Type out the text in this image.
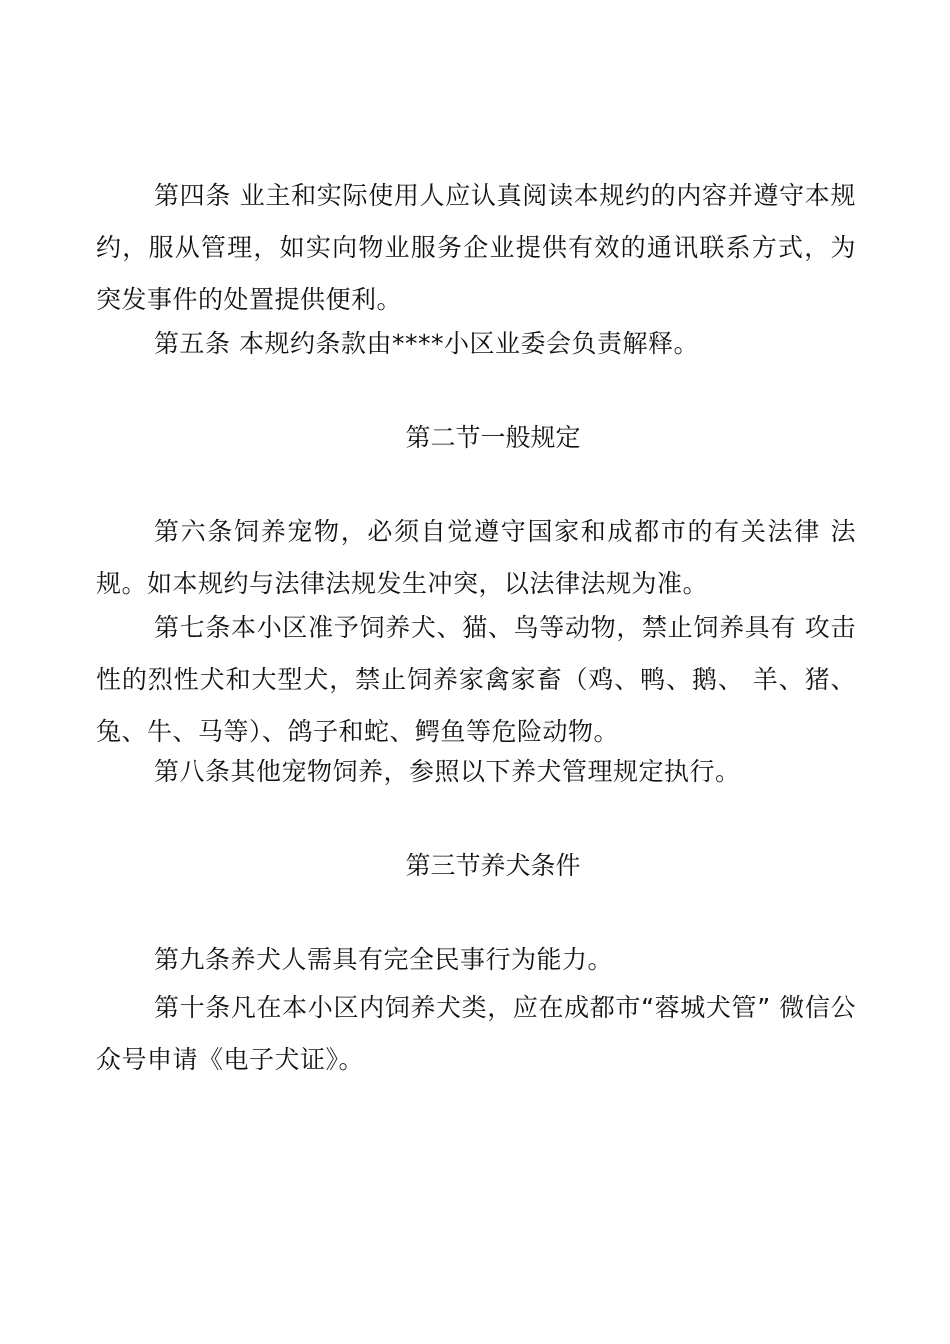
第四条 业主和实际使用人应认真阅读本规约的内容并遵守本规约，服从管理，如实向物业服务企业提供有效的通讯联系方式，为突发事件的处置提供便利。

第五条 本规约条款由****小区业委会负责解释。

第二节一般规定

第六条饲养宠物，必须自觉遵守国家和成都市的有关法律 法规。如本规约与法律法规发生冲突，以法律法规为准。

第七条本小区准予饲养犬、猫、鸟等动物，禁止饲养具有 攻击性的烈性犬和大型犬，禁止饲养家禽家畜（鸡、鸭、鹅、 羊、猪、兔、牛、马等）、鸽子和蛇、鳄鱼等危险动物。

第八条其他宠物饲养，参照以下养犬管理规定执行。

第三节养犬条件

第九条养犬人需具有完全民事行为能力。

第十条凡在本小区内饲养犬类，应在成都市“蓉城犬管” 微信公众号申请《电子犬证》。
